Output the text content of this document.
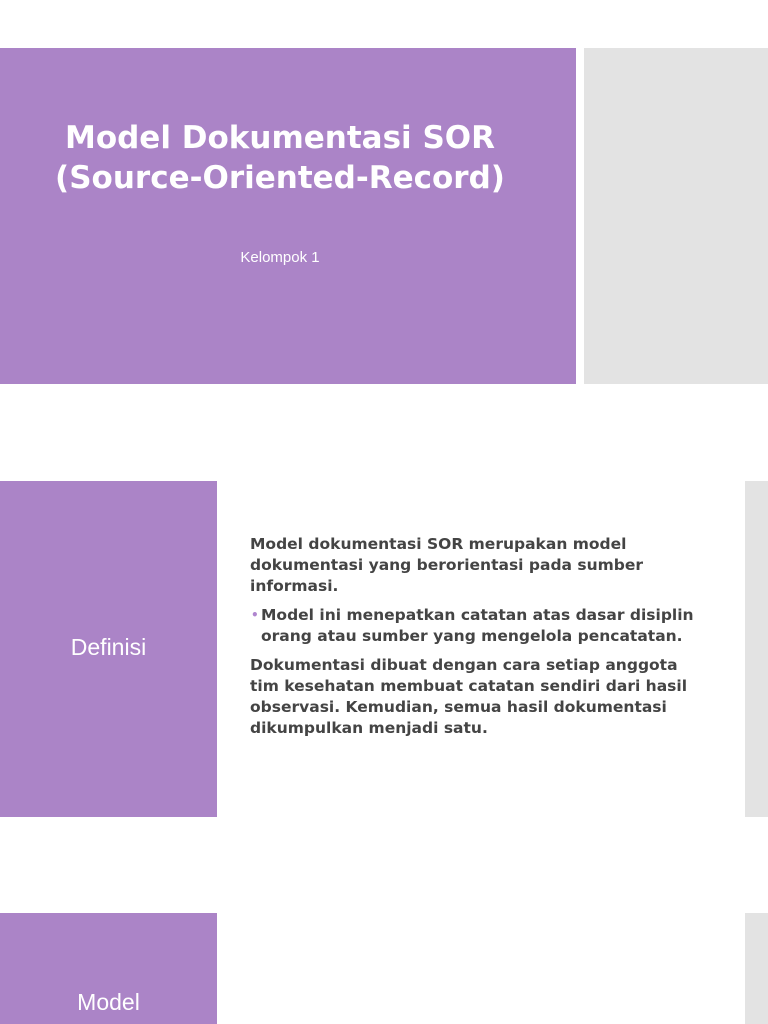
Model Dokumentasi SOR
(Source-Oriented-Record)
Kelompok 1
Definisi

Model dokumentasi SOR merupakan model dokumentasi yang berorientasi pada sumber informasi.

• Model ini menepatkan catatan atas dasar disiplin orang atau sumber yang mengelola pencatatan.

Dokumentasi dibuat dengan cara setiap anggota tim kesehatan membuat catatan sendiri dari hasil observasi. Kemudian, semua hasil dokumentasi dikumpulkan menjadi satu.

Model
